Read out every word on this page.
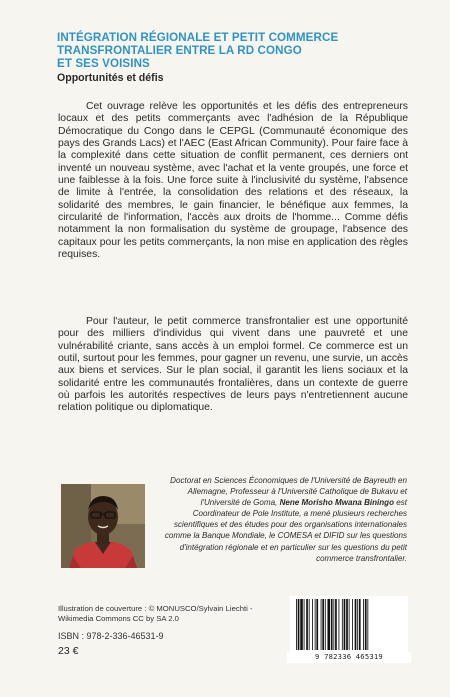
INTÉGRATION RÉGIONALE ET PETIT COMMERCE
TRANSFRONTALIER ENTRE LA RD CONGO
ET SES VOISINS
Opportunités et défis

Cet ouvrage relève les opportunités et les défis des entrepreneurs locaux et des petits commerçants avec l'adhésion de la République Démocratique du Congo dans le CEPGL (Communauté économique des pays des Grands Lacs) et l'AEC (East African Community). Pour faire face à la complexité dans cette situation de conflit permanent, ces derniers ont inventé un nouveau système, avec l'achat et la vente groupés, une force et une faiblesse à la fois. Une force suite à l'inclusivité du système, l'absence de limite à l'entrée, la consolidation des relations et des réseaux, la solidarité des membres, le gain financier, le bénéfique aux femmes, la circularité de l'information, l'accès aux droits de l'homme... Comme défis notamment la non formalisation du système de groupage, l'absence des capitaux pour les petits commerçants, la non mise en application des règles requises.

Pour l'auteur, le petit commerce transfrontalier est une opportunité pour des milliers d'individus qui vivent dans une pauvreté et une vulnérabilité criante, sans accès à un emploi formel. Ce commerce est un outil, surtout pour les femmes, pour gagner un revenu, une survie, un accès aux biens et services. Sur le plan social, il garantit les liens sociaux et la solidarité entre les communautés frontalières, dans un contexte de guerre où parfois les autorités respectives de leurs pays n'entretiennent aucune relation politique ou diplomatique.

Doctorat en Sciences Économiques de l'Université de Bayreuth en Allemagne, Professeur à l'Université Catholique de Bukavu et l'Université de Goma, Nene Morisho Mwana Biningo est Coordinateur de Pole Institute, a mené plusieurs recherches scientifiques et des études pour des organisations internationales comme la Banque Mondiale, le COMESA et DIFID sur les questions d'intégration régionale et en particulier sur les questions du petit commerce transfrontalier.

Illustration de couverture : © MONUSCO/Sylvain Liechti -
Wikimedia Commons CC by SA 2.0
ISBN : 978-2-336-46531-9
23 €	9 782336 465319
